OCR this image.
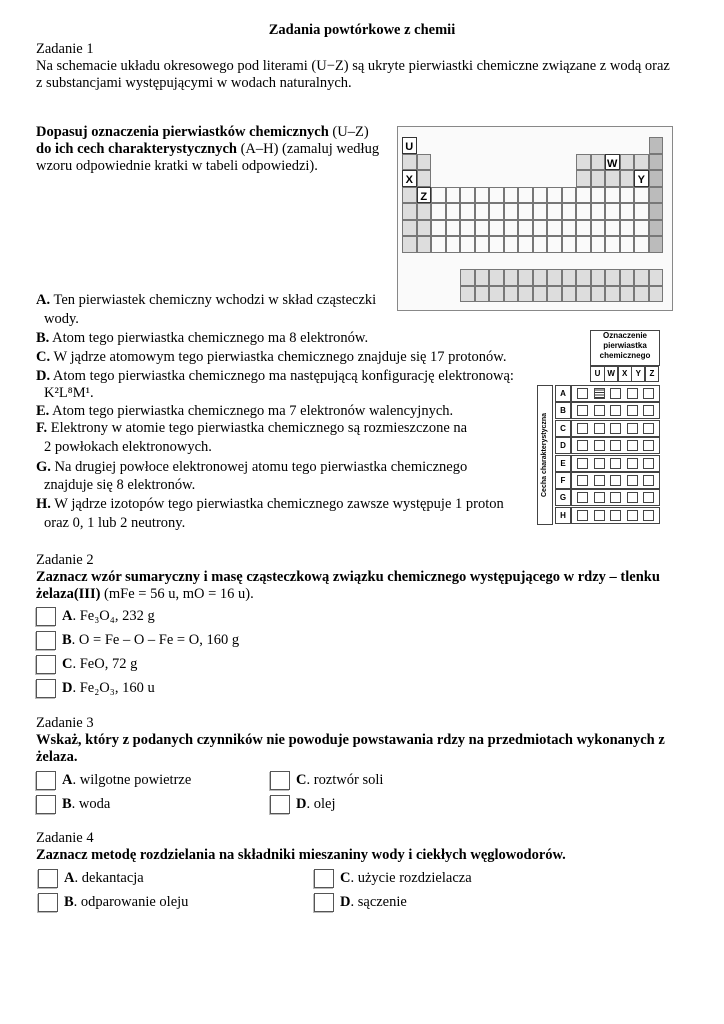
Zadania powtórkowe z chemii
Zadanie 1
Na schemacie układu okresowego pod literami (U−Z) są ukryte pierwiastki chemiczne związane z wodą oraz
z substancjami występującymi w wodach naturalnych.
Dopasuj oznaczenia pierwiastków chemicznych (U–Z)
do ich cech charakterystycznych (A–H) (zamaluj według
wzoru odpowiednie kratki w tabeli odpowiedzi).
U
W
X	Y
Z
A. Ten pierwiastek chemiczny wchodzi w skład cząsteczki
wody.
B. Atom tego pierwiastka chemicznego ma 8 elektronów.
C. W jądrze atomowym tego pierwiastka chemicznego znajduje się 17 protonów.
D. Atom tego pierwiastka chemicznego ma następującą konfigurację elektronową:
K²L⁸M¹.
E. Atom tego pierwiastka chemicznego ma 7 elektronów walencyjnych.
F. Elektrony w atomie tego pierwiastka chemicznego są rozmieszczone na
2 powłokach elektronowych.
G. Na drugiej powłoce elektronowej atomu tego pierwiastka chemicznego
znajduje się 8 elektronów.
H. W jądrze izotopów tego pierwiastka chemicznego zawsze występuje 1 proton
oraz 0, 1 lub 2 neutrony.
Oznaczenie pierwiastka chemicznego
U W X	Y	Z
Cecha charakterystyczna
A
B
C
D
E
F
G
H
Zadanie 2
Zaznacz wzór sumaryczny i masę cząsteczkową związku chemicznego występującego w rdzy – tlenku
żelaza(III) (mFe = 56 u, mO = 16 u).
A. Fe₃O₄, 232 g
B. O = Fe – O – Fe = O, 160 g
C. FeO, 72 g
D. Fe₂O₃, 160 u
Zadanie 3
Wskaż, który z podanych czynników nie powoduje powstawania rdzy na przedmiotach wykonanych z
żelaza.
A. wilgotne powietrze	C. roztwór soli
B. woda	D. olej
Zadanie 4
Zaznacz metodę rozdzielania na składniki mieszaniny wody i ciekłych węglowodorów.
A. dekantacja	C. użycie rozdzielacza
B. odparowanie oleju	D. sączenie
